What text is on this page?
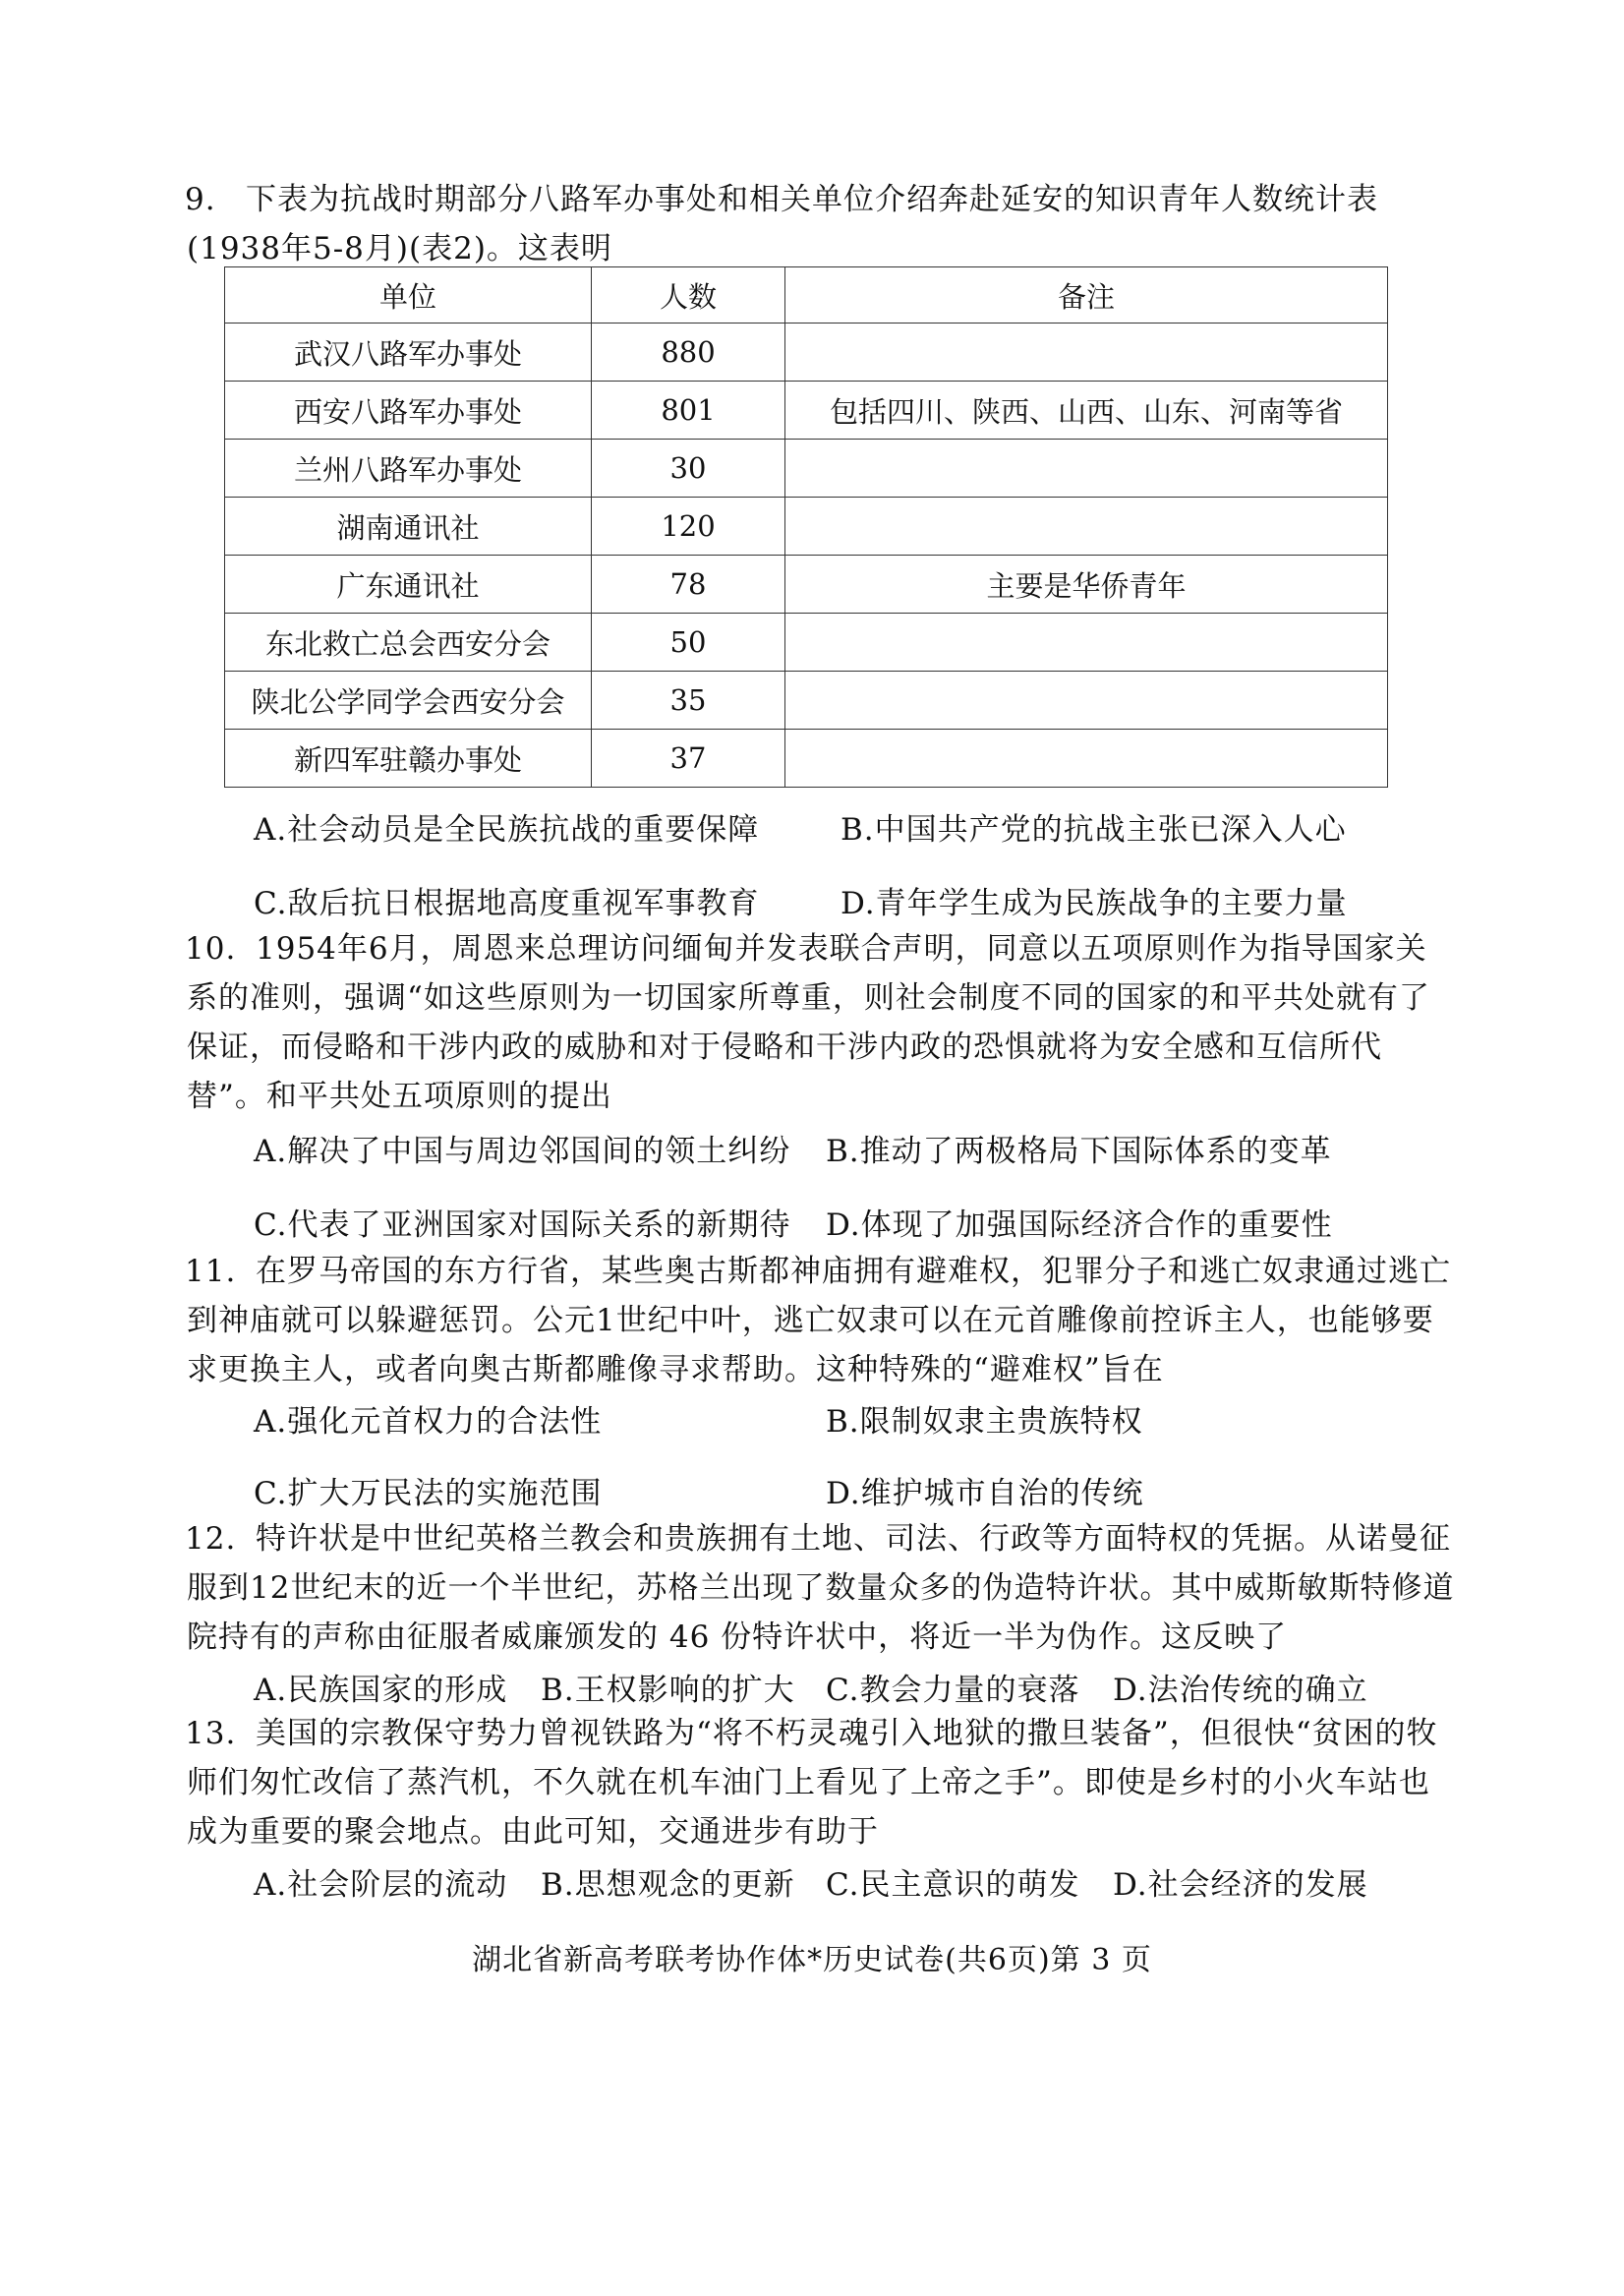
9. 下表为抗战时期部分八路军办事处和相关单位介绍奔赴延安的知识青年人数统计表(1938年5-8月)(表2)。这表明

单位	人数	备注
武汉八路军办事处	880	
西安八路军办事处	801	包括四川、陕西、山西、山东、河南等省
兰州八路军办事处	30	
湖南通讯社	120	
广东通讯社	78	主要是华侨青年
东北救亡总会西安分会	50	
陕北公学同学会西安分会	35	
新四军驻赣办事处	37	
A.社会动员是全民族抗战的重要保障	B.中国共产党的抗战主张已深入人心
C.敌后抗日根据地高度重视军事教育	D.青年学生成为民族战争的主要力量
10. 1954年6月，周恩来总理访问缅甸并发表联合声明，同意以五项原则作为指导国家关系的准则，强调“如这些原则为一切国家所尊重，则社会制度不同的国家的和平共处就有了保证，而侵略和干涉内政的威胁和对于侵略和干涉内政的恐惧就将为安全感和互信所代替”。和平共处五项原则的提出

A.解决了中国与周边邻国间的领土纠纷 B.推动了两极格局下国际体系的变革
C.代表了亚洲国家对国际关系的新期待 D.体现了加强国际经济合作的重要性
11. 在罗马帝国的东方行省，某些奥古斯都神庙拥有避难权，犯罪分子和逃亡奴隶通过逃亡到神庙就可以躲避惩罚。公元1世纪中叶，逃亡奴隶可以在元首雕像前控诉主人，也能够要求更换主人，或者向奥古斯都雕像寻求帮助。这种特殊的“避难权”旨在

A.强化元首权力的合法性	B.限制奴隶主贵族特权
C.扩大万民法的实施范围	D.维护城市自治的传统
12. 特许状是中世纪英格兰教会和贵族拥有土地、司法、行政等方面特权的凭据。从诺曼征服到12世纪末的近一个半世纪，苏格兰出现了数量众多的伪造特许状。其中威斯敏斯特修道院持有的声称由征服者威廉颁发的 46 份特许状中，将近一半为伪作。这反映了

A.民族国家的形成 B.王权影响的扩大 C.教会力量的衰落 D.法治传统的确立
13. 美国的宗教保守势力曾视铁路为“将不朽灵魂引入地狱的撒旦装备”，但很快“贫困的牧师们匆忙改信了蒸汽机，不久就在机车油门上看见了上帝之手”。即使是乡村的小火车站也成为重要的聚会地点。由此可知，交通进步有助于

A.社会阶层的流动 B.思想观念的更新 C.民主意识的萌发 D.社会经济的发展
湖北省新高考联考协作体*历史试卷(共6页)第 3 页
